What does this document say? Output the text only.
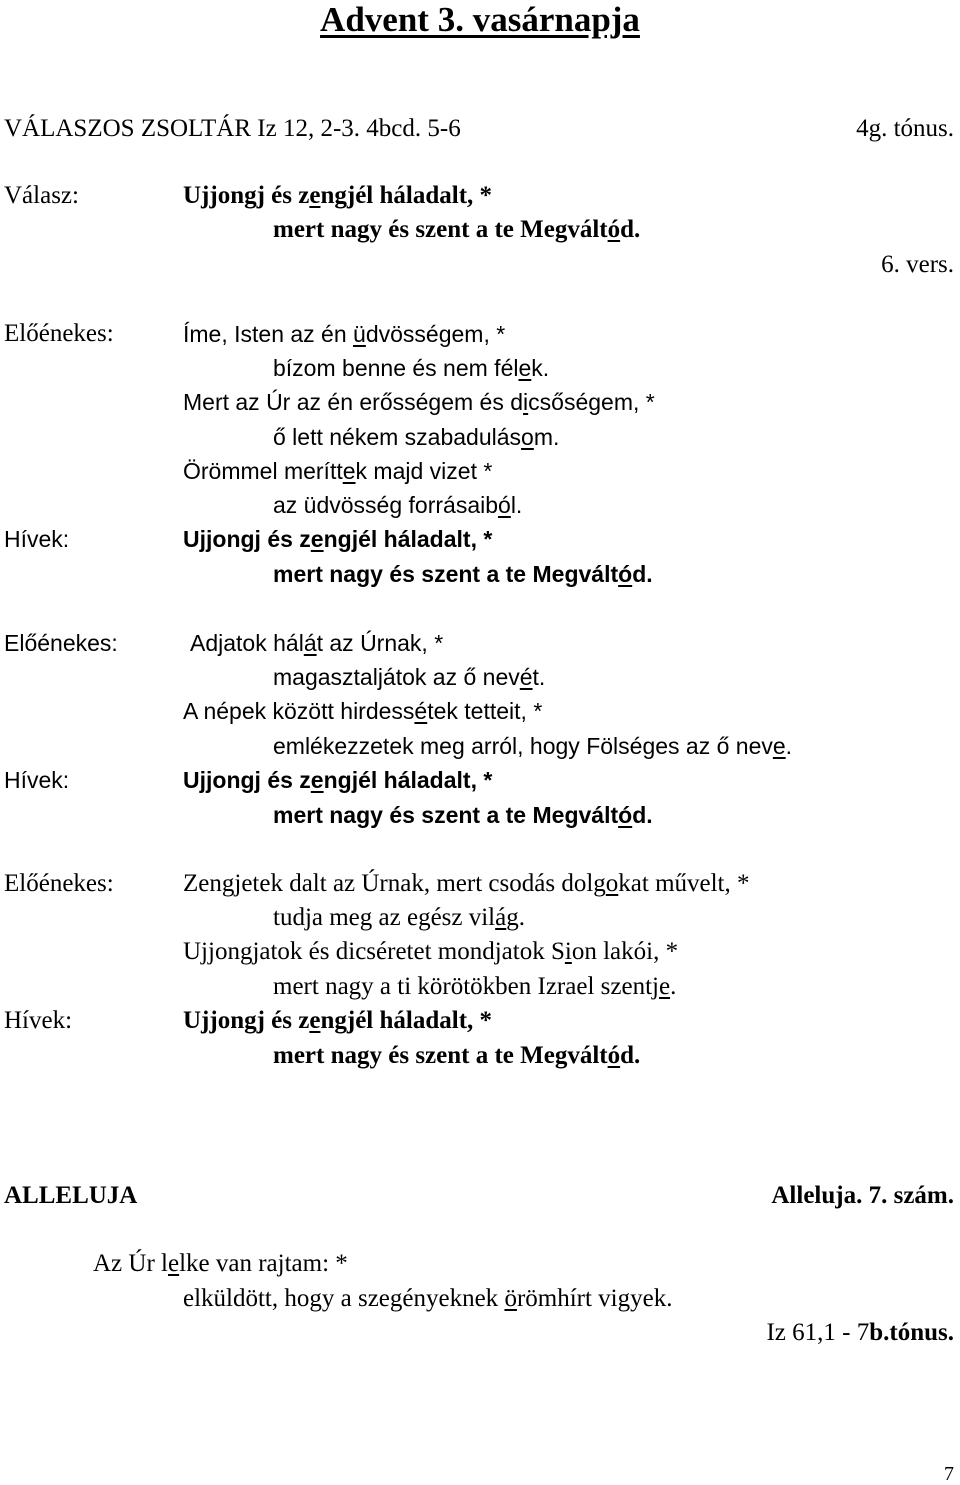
Advent 3. vasárnapja
VÁLASZOS ZSOLTÁR Iz 12, 2-3. 4bcd. 5-6	4g. tónus.
Válasz:	Ujjongj és zengjél háladalt, *
mert nagy és szent a te Megváltód.
6. vers.
Előénekes:	Íme, Isten az én üdvösségem, *
bízom benne és nem félek.
Mert az Úr az én erősségem és dicsőségem, *
ő lett nékem szabadulásom.
Örömmel meríttek majd vizet *
az üdvösség forrásaiból.
Hívek:	Ujjongj és zengjél háladalt, *
mert nagy és szent a te Megváltód.
Előénekes:	Adjatok hálát az Úrnak, *
magasztaljátok az ő nevét.
A népek között hirdessétek tetteit, *
emlékezzetek meg arról, hogy Fölséges az ő neve.
Hívek:	Ujjongj és zengjél háladalt, *
mert nagy és szent a te Megváltód.
Előénekes:	Zengjetek dalt az Úrnak, mert csodás dolgokat művelt, *
tudja meg az egész világ.
Ujjongjatok és dicséretet mondjatok Sion lakói, *
mert nagy a ti körötökben Izrael szentje.
Hívek:	Ujjongj és zengjél háladalt, *
mert nagy és szent a te Megváltód.
ALLELUJA	Alleluja. 7. szám.
Az Úr lelke van rajtam: *
elküldött, hogy a szegényeknek örömhírt vigyek.
Iz 61,1 - 7b.tónus.
7
